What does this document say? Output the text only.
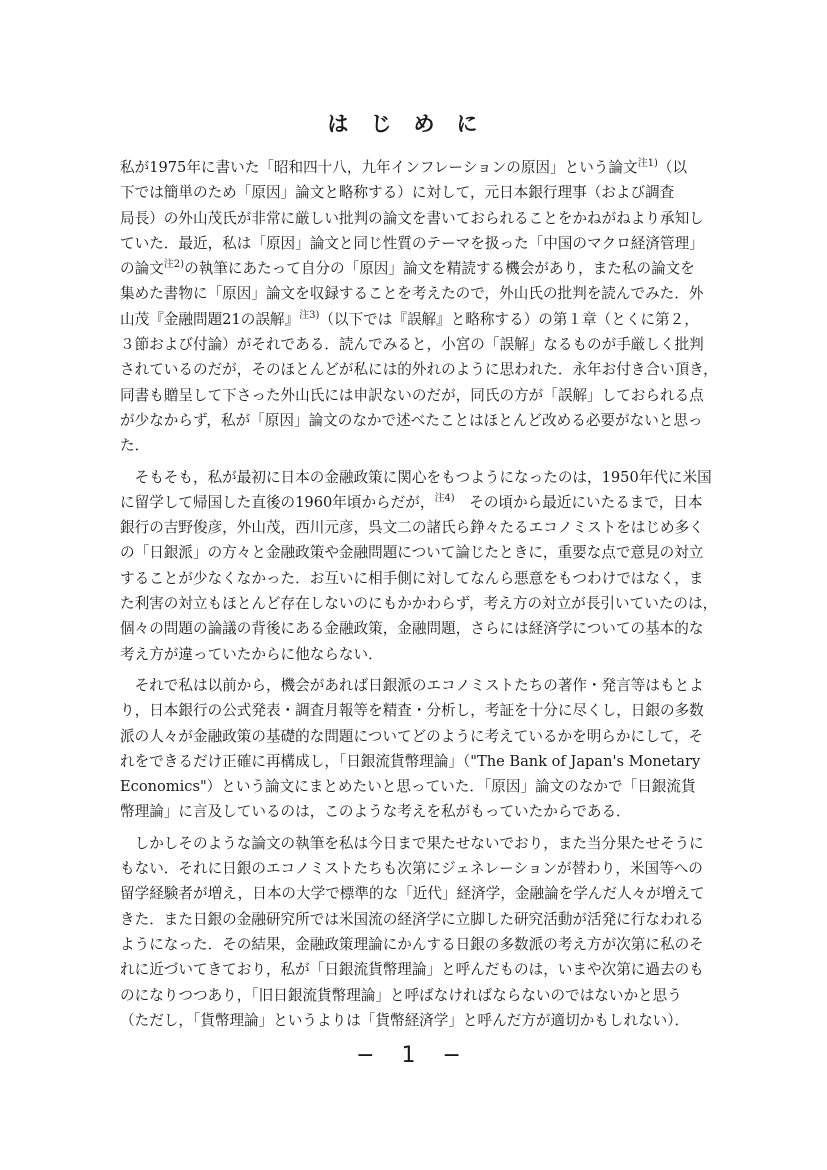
はじめに
私が1975年に書いた「昭和四十八，九年インフレーションの原因」という論文$^{注1)}$（以
下では簡単のため「原因」論文と略称する）に対して，元日本銀行理事（および調査
局長）の外山茂氏が非常に厳しい批判の論文を書いておられることをかねがねより承知し
ていた．最近，私は「原因」論文と同じ性質のテーマを扱った「中国のマクロ経済管理」
の論文$^{注2)}$の執筆にあたって自分の「原因」論文を精読する機会があり，また私の論文を
集めた書物に「原因」論文を収録することを考えたので，外山氏の批判を読んでみた．外
山茂『金融問題21の誤解』$^{注3)}$（以下では『誤解』と略称する）の第１章（とくに第２，
３節および付論）がそれである．読んでみると，小宮の「誤解」なるものが手厳しく批判
されているのだが，そのほとんどが私には的外れのように思われた．永年お付き合い頂き，
同書も贈呈して下さった外山氏には申訳ないのだが，同氏の方が「誤解」しておられる点
が少なからず，私が「原因」論文のなかで述べたことはほとんど改める必要がないと思っ
た．
　そもそも，私が最初に日本の金融政策に関心をもつようになったのは，1950年代に米国
に留学して帰国した直後の1960年頃からだが，$^{注4)}$　その頃から最近にいたるまで，日本
銀行の吉野俊彦，外山茂，西川元彦，呉文二の諸氏ら錚々たるエコノミストをはじめ多く
の「日銀派」の方々と金融政策や金融問題について論じたときに，重要な点で意見の対立
することが少なくなかった．お互いに相手側に対してなんら悪意をもつわけではなく，ま
た利害の対立もほとんど存在しないのにもかかわらず，考え方の対立が長引いていたのは，
個々の問題の論議の背後にある金融政策，金融問題，さらには経済学についての基本的な
考え方が違っていたからに他ならない．
　それで私は以前から，機会があれば日銀派のエコノミストたちの著作・発言等はもとよ
り，日本銀行の公式発表・調査月報等を精査・分析し，考証を十分に尽くし，日銀の多数
派の人々が金融政策の基礎的な問題についてどのように考えているかを明らかにして，そ
れをできるだけ正確に再構成し，「日銀流貨幣理論」（"The Bank of Japan's Monetary
Economics"）という論文にまとめたいと思っていた．「原因」論文のなかで「日銀流貨
幣理論」に言及しているのは，このような考えを私がもっていたからである．
　しかしそのような論文の執筆を私は今日まで果たせないでおり，また当分果たせそうに
もない．それに日銀のエコノミストたちも次第にジェネレーションが替わり，米国等への
留学経験者が増え，日本の大学で標準的な「近代」経済学，金融論を学んだ人々が増えて
きた．また日銀の金融研究所では米国流の経済学に立脚した研究活動が活発に行なわれる
ようになった．その結果，金融政策理論にかんする日銀の多数派の考え方が次第に私のそ
れに近づいてきており，私が「日銀流貨幣理論」と呼んだものは，いまや次第に過去のも
のになりつつあり，「旧日銀流貨幣理論」と呼ばなければならないのではないかと思う
（ただし，「貨幣理論」というよりは「貨幣経済学」と呼んだ方が適切かもしれない）．
− 1 −
